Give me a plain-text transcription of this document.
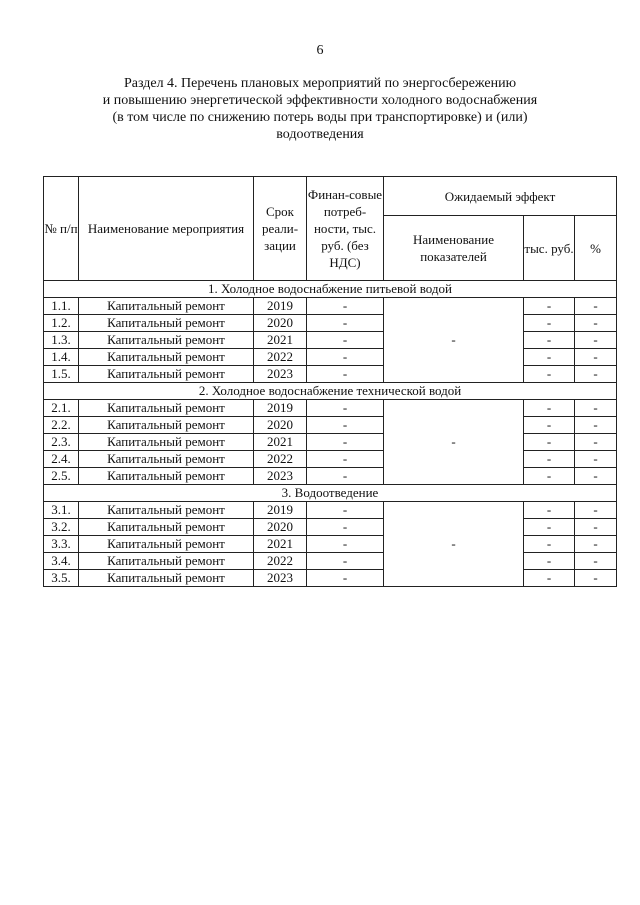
6
Раздел 4. Перечень плановых мероприятий по энергосбережению
и повышению энергетической эффективности холодного водоснабжения
(в том числе по снижению потерь воды при транспортировке) и (или)
водоотведения
№ п/п	Наименование мероприятия	Срок реали-зации	Финан-совые потреб-ности, тыс. руб. (без НДС)	Ожидаемый эффект		
				Наименование показателей	тыс. руб.	%
1. Холодное водоснабжение питьевой водой						
1.1.	Капитальный ремонт	2019	-	-	-	-
1.2.	Капитальный ремонт	2020	-		-	-
1.3.	Капитальный ремонт	2021	-		-	-
1.4.	Капитальный ремонт	2022	-		-	-
1.5.	Капитальный ремонт	2023	-		-	-
2. Холодное водоснабжение технической водой						
2.1.	Капитальный ремонт	2019	-	-	-	-
2.2.	Капитальный ремонт	2020	-		-	-
2.3.	Капитальный ремонт	2021	-		-	-
2.4.	Капитальный ремонт	2022	-		-	-
2.5.	Капитальный ремонт	2023	-		-	-
3. Водоотведение						
3.1.	Капитальный ремонт	2019	-	-	-	-
3.2.	Капитальный ремонт	2020	-		-	-
3.3.	Капитальный ремонт	2021	-		-	-
3.4.	Капитальный ремонт	2022	-		-	-
3.5.	Капитальный ремонт	2023	-		-	-
